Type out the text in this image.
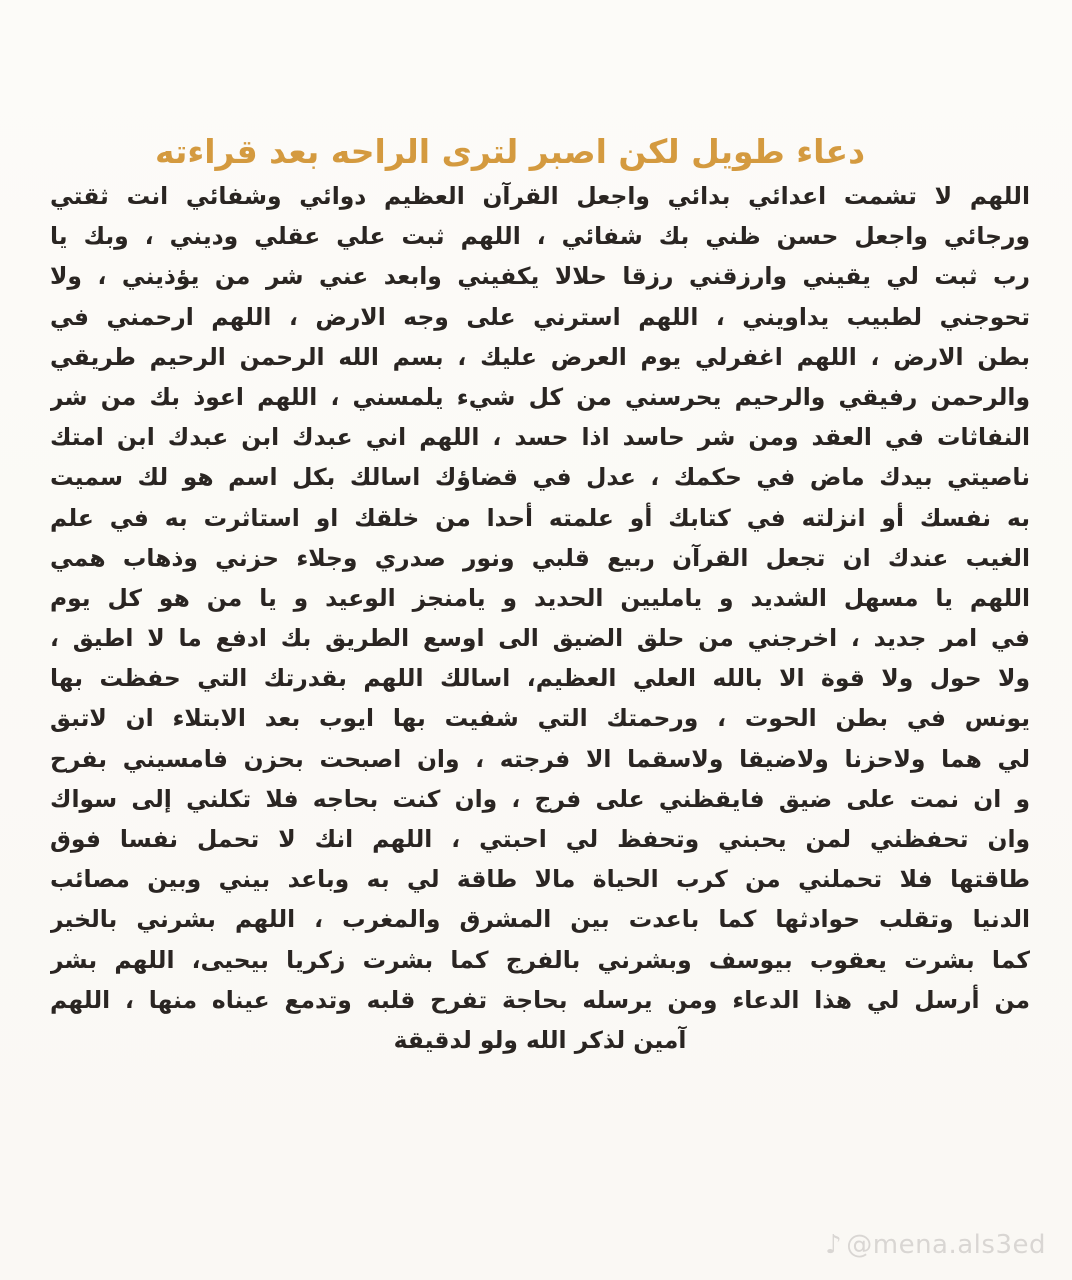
دعاء طويل لكن اصبر لترى الراحه بعد قراءته
اللهم لا تشمت اعدائي بدائي واجعل القرآن العظيم دوائي وشفائي انت ثقتي
ورجائي واجعل حسن ظني بك شفائي ، اللهم ثبت علي عقلي وديني ، وبك يا
رب ثبت لي يقيني وارزقني رزقا حلالا يكفيني وابعد عني شر من يؤذيني ، ولا
تحوجني لطبيب يداويني ، اللهم استرني على وجه الارض ، اللهم ارحمني في
بطن الارض ، اللهم اغفرلي يوم العرض عليك ، بسم الله الرحمن الرحيم طريقي
والرحمن رفيقي والرحيم يحرسني من كل شيء يلمسني ، اللهم اعوذ بك من شر
النفاثات في العقد ومن شر حاسد اذا حسد ، اللهم اني عبدك ابن عبدك ابن امتك
ناصيتي بيدك ماض في حكمك ، عدل في قضاؤك اسالك بكل اسم هو لك سميت
به نفسك أو انزلته في كتابك أو علمته أحدا من خلقك او استاثرت به في علم
الغيب عندك ان تجعل القرآن ربيع قلبي ونور صدري وجلاء حزني وذهاب همي
اللهم يا مسهل الشديد و يامليين الحديد و يامنجز الوعيد و يا من هو كل يوم
في امر جديد ، اخرجني من حلق الضيق الى اوسع الطريق بك ادفع ما لا اطيق ،
ولا حول ولا قوة الا بالله العلي العظيم، اسالك اللهم بقدرتك التي حفظت بها
يونس في بطن الحوت ، ورحمتك التي شفيت بها ايوب بعد الابتلاء ان لاتبق
لي هما ولاحزنا ولاضيقا ولاسقما الا فرجته ، وان اصبحت بحزن فامسيني بفرح
و ان نمت على ضيق فايقظني على فرج ، وان كنت بحاجه فلا تكلني إلى سواك
وان تحفظني لمن يحبني وتحفظ لي احبتي ، اللهم انك لا تحمل نفسا فوق
طاقتها فلا تحملني من كرب الحياة مالا طاقة لي به وباعد بيني وبين مصائب
الدنيا وتقلب حوادثها كما باعدت بين المشرق والمغرب ، اللهم بشرني بالخير
كما بشرت يعقوب بيوسف وبشرني بالفرج كما بشرت زكريا بيحيى، اللهم بشر
من أرسل لي هذا الدعاء ومن يرسله بحاجة تفرح قلبه وتدمع عيناه منها ، اللهم
آمين لذكر الله ولو لدقيقة
♪ @mena.als3ed
